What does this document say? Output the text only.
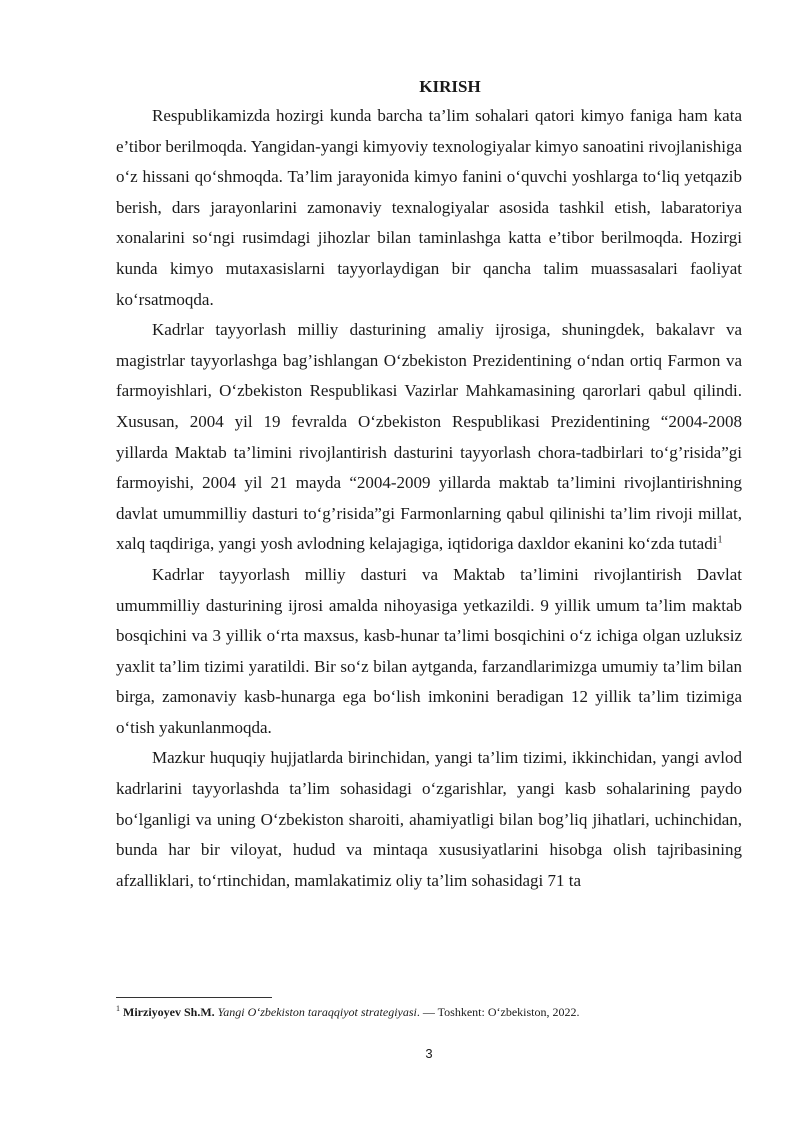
KIRISH

Respublikamizda hozirgi kunda barcha ta’lim sohalari qatori kimyo faniga ham kata e’tibor berilmoqda. Yangidan-yangi kimyoviy texnologiyalar kimyo sanoatini rivojlanishiga o‘z hissani qo‘shmoqda. Ta’lim jarayonida kimyo fanini o‘quvchi yoshlarga to‘liq yetqazib berish, dars jarayonlarini zamonaviy texnalogiyalar asosida tashkil etish, labaratoriya xonalarini so‘ngi rusimdagi jihozlar bilan taminlashga katta e’tibor berilmoqda. Hozirgi kunda kimyo mutaxasislarni tayyorlaydigan bir qancha talim muassasalari faoliyat ko‘rsatmoqda.

Kadrlar tayyorlash milliy dasturining amaliy ijrosiga, shuningdek, bakalavr va magistrlar tayyorlashga bag’ishlangan O‘zbekiston Prezidentining o‘ndan ortiq Farmon va farmoyishlari, O‘zbekiston Respublikasi Vazirlar Mahkamasining qarorlari qabul qilindi. Xususan, 2004 yil 19 fevralda O‘zbekiston Respublikasi Prezidentining “2004-2008 yillarda Maktab ta’limini rivojlantirish dasturini tayyorlash chora-tadbirlari to‘g’risida”gi farmoyishi, 2004 yil 21 mayda “2004-2009 yillarda maktab ta’limini rivojlantirishning davlat umummilliy dasturi to‘g’risida”gi Farmonlarning qabul qilinishi ta’lim rivoji millat, xalq taqdiriga, yangi yosh avlodning kelajagiga, iqtidoriga daxldor ekanini ko‘zda tutadi$^1$

Kadrlar tayyorlash milliy dasturi va Maktab ta’limini rivojlantirish Davlat umummilliy dasturining ijrosi amalda nihoyasiga yetkazildi. 9 yillik umum ta’lim maktab bosqichini va 3 yillik o‘rta maxsus, kasb-hunar ta’limi bosqichini o‘z ichiga olgan uzluksiz yaxlit ta’lim tizimi yaratildi. Bir so‘z bilan aytganda, farzandlarimizga umumiy ta’lim bilan birga, zamonaviy kasb-hunarga ega bo‘lish imkonini beradigan 12 yillik ta’lim tizimiga o‘tish yakunlanmoqda.

Mazkur huquqiy hujjatlarda birinchidan, yangi ta’lim tizimi, ikkinchidan, yangi avlod kadrlarini tayyorlashda ta’lim sohasidagi o‘zgarishlar, yangi kasb sohalarining paydo bo‘lganligi va uning O‘zbekiston sharoiti, ahamiyatligi bilan bog’liq jihatlari, uchinchidan, bunda har bir viloyat, hudud va mintaqa xususiyatlarini hisobga olish tajribasining afzalliklari, to‘rtinchidan, mamlakatimiz oliy ta’lim sohasidagi 71 ta

$^1$ Mirziyoyev Sh.M. Yangi O‘zbekiston taraqqiyot strategiyasi. — Toshkent: O‘zbekiston, 2022.
3
